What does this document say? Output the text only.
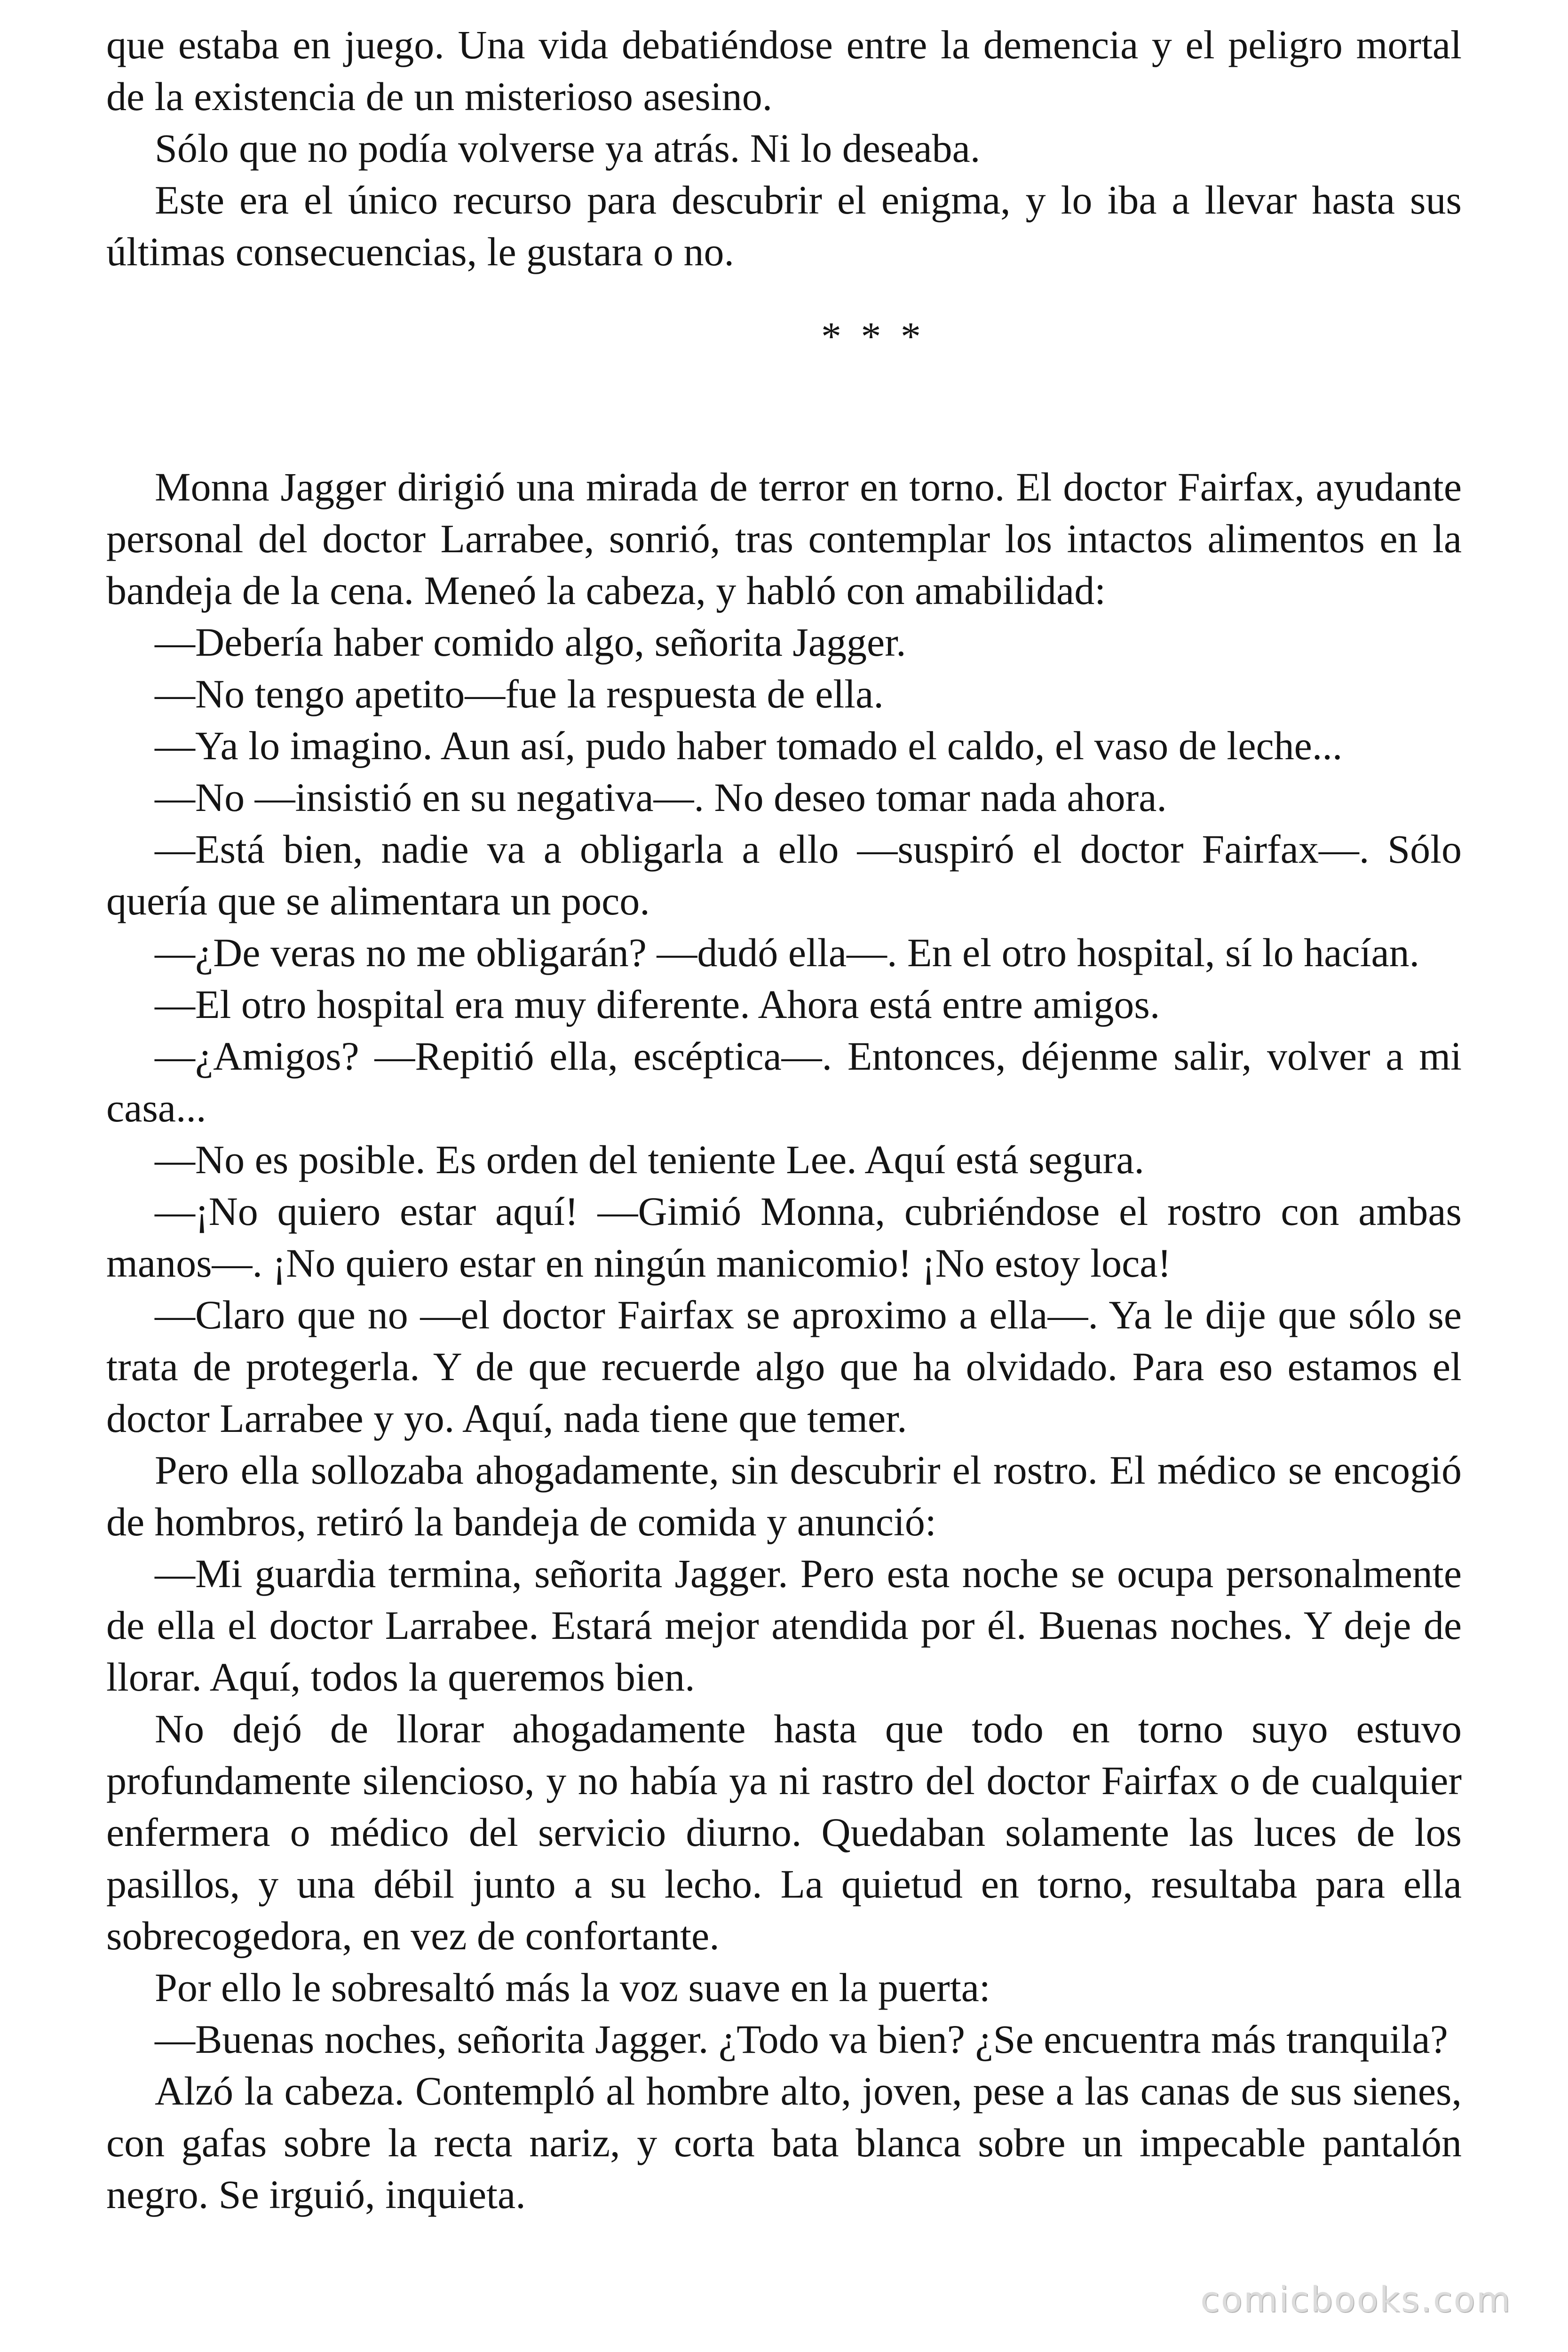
que estaba en juego. Una vida debatiéndose entre la demencia y el peligro mortal de la existencia de un misterioso asesino.

Sólo que no podía volverse ya atrás. Ni lo deseaba.

Este era el único recurso para descubrir el enigma, y lo iba a llevar hasta sus últimas consecuencias, le gustara o no.

* * *

Monna Jagger dirigió una mirada de terror en torno. El doctor Fairfax, ayudante personal del doctor Larrabee, sonrió, tras contemplar los intactos alimentos en la bandeja de la cena. Meneó la cabeza, y habló con amabilidad:

—Debería haber comido algo, señorita Jagger.

—No tengo apetito—fue la respuesta de ella.

—Ya lo imagino. Aun así, pudo haber tomado el caldo, el vaso de leche...

—No —insistió en su negativa—. No deseo tomar nada ahora.

—Está bien, nadie va a obligarla a ello —suspiró el doctor Fairfax—. Sólo quería que se alimentara un poco.

—¿De veras no me obligarán? —dudó ella—. En el otro hospital, sí lo hacían.

—El otro hospital era muy diferente. Ahora está entre amigos.

—¿Amigos? —Repitió ella, escéptica—. Entonces, déjenme salir, volver a mi casa...

—No es posible. Es orden del teniente Lee. Aquí está segura.

—¡No quiero estar aquí! —Gimió Monna, cubriéndose el rostro con ambas manos—. ¡No quiero estar en ningún manicomio! ¡No estoy loca!

—Claro que no —el doctor Fairfax se aproximo a ella—. Ya le dije que sólo se trata de protegerla. Y de que recuerde algo que ha olvidado. Para eso estamos el doctor Larrabee y yo. Aquí, nada tiene que temer.

Pero ella sollozaba ahogadamente, sin descubrir el rostro. El médico se encogió de hombros, retiró la bandeja de comida y anunció:

—Mi guardia termina, señorita Jagger. Pero esta noche se ocupa personalmente de ella el doctor Larrabee. Estará mejor atendida por él. Buenas noches. Y deje de llorar. Aquí, todos la queremos bien.

No dejó de llorar ahogadamente hasta que todo en torno suyo estuvo profundamente silencioso, y no había ya ni rastro del doctor Fairfax o de cualquier enfermera o médico del servicio diurno. Quedaban solamente las luces de los pasillos, y una débil junto a su lecho. La quietud en torno, resultaba para ella sobrecogedora, en vez de confortante.

Por ello le sobresaltó más la voz suave en la puerta:

—Buenas noches, señorita Jagger. ¿Todo va bien? ¿Se encuentra más tranquila?

Alzó la cabeza. Contempló al hombre alto, joven, pese a las canas de sus sienes, con gafas sobre la recta nariz, y corta bata blanca sobre un impecable pantalón negro. Se irguió, inquieta.

comicbooks.com
